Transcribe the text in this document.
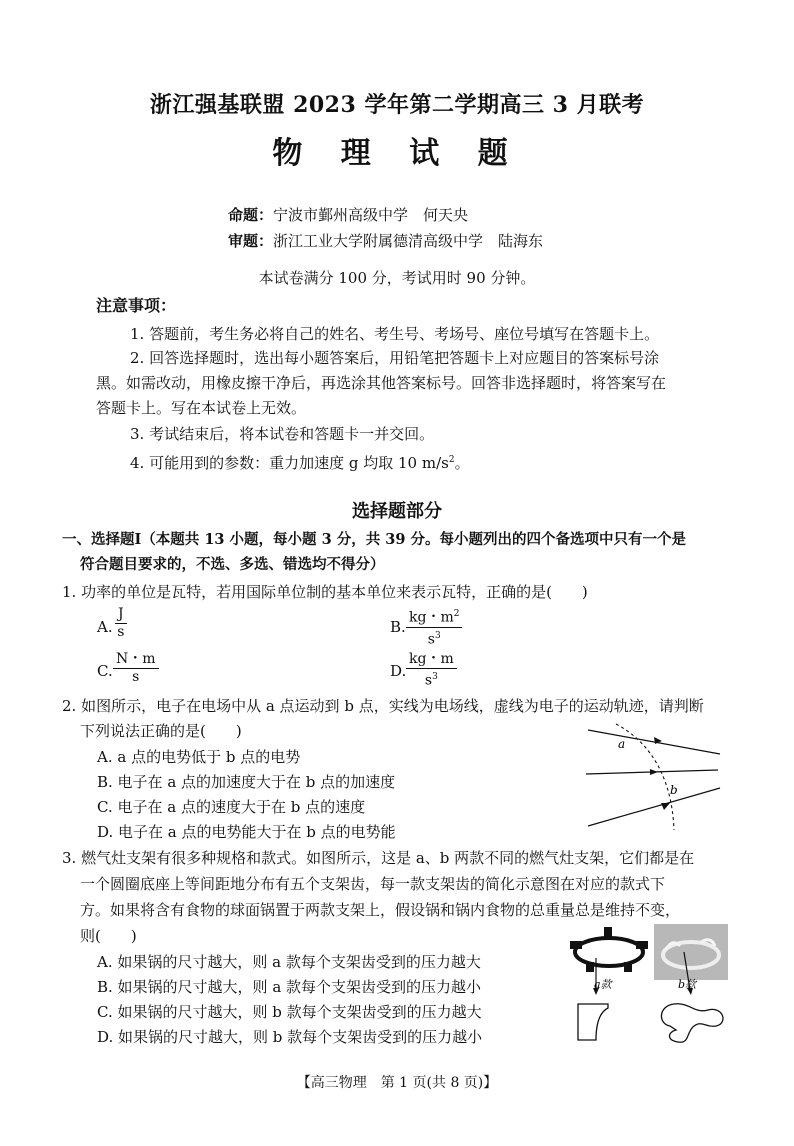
浙江强基联盟 2023 学年第二学期高三 3 月联考
物 理 试 题
命题：宁波市鄞州高级中学　何天央
审题：浙江工业大学附属德清高级中学　陆海东
本试卷满分 100 分，考试用时 90 分钟。
注意事项：
1. 答题前，考生务必将自己的姓名、考生号、考场号、座位号填写在答题卡上。
2. 回答选择题时，选出每小题答案后，用铅笔把答题卡上对应题目的答案标号涂
黑。如需改动，用橡皮擦干净后，再选涂其他答案标号。回答非选择题时，将答案写在
答题卡上。写在本试卷上无效。
3. 考试结束后，将本试卷和答题卡一并交回。
4. 可能用到的参数：重力加速度 g 均取 10 $m/s^2$。
选择题部分
一、选择题Ⅰ（本题共 13 小题，每小题 3 分，共 39 分。每小题列出的四个备选项中只有一个是
符合题目要求的，不选、多选、错选均不得分）
1. 功率的单位是瓦特，若用国际单位制的基本单位来表示瓦特，正确的是(　　)
A.
J
s	B.
kg・$m^2$
$s^3$
C.
N・m
s	D.
kg・m
$s^3$
2. 如图所示，电子在电场中从 a 点运动到 b 点，实线为电场线，虚线为电子的运动轨迹，请判断
下列说法正确的是(　　)
A. a 点的电势低于 b 点的电势
B. 电子在 a 点的加速度大于在 b 点的加速度
C. 电子在 a 点的速度大于在 b 点的速度
D. 电子在 a 点的电势能大于在 b 点的电势能
a
b
3. 燃气灶支架有很多种规格和款式。如图所示，这是 a、b 两款不同的燃气灶支架，它们都是在
一个圆圈底座上等间距地分布有五个支架齿，每一款支架齿的简化示意图在对应的款式下
方。如果将含有食物的球面锅置于两款支架上，假设锅和锅内食物的总重量总是维持不变，
则(　　)
A. 如果锅的尺寸越大，则 a 款每个支架齿受到的压力越大
B. 如果锅的尺寸越大，则 a 款每个支架齿受到的压力越小
C. 如果锅的尺寸越大，则 b 款每个支架齿受到的压力越大
D. 如果锅的尺寸越大，则 b 款每个支架齿受到的压力越小
a款	b款
【高三物理　第 1 页(共 8 页)】
